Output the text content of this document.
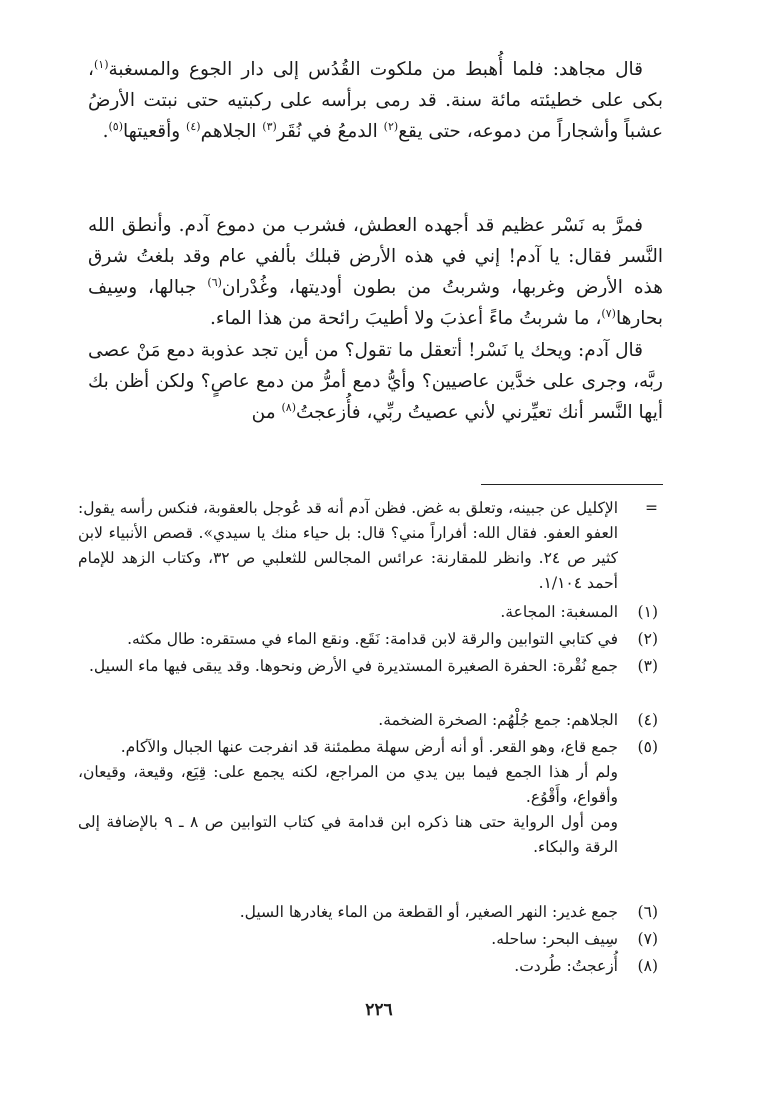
قال مجاهد: فلما أُهبط من ملكوت القُدُس إلى دار الجوع والمسغبة$^{(١)}$، بكى على خطيئته مائة سنة. قد رمى برأسه على ركبتيه حتى نبتت الأرضُ عشباً وأشجاراً من دموعه، حتى يقع$^{(٢)}$ الدمعُ في نُقَر$^{(٣)}$ الجلاهم$^{(٤)}$ وأقعيتها$^{(٥)}$.

فمرَّ به نَسْر عظيم قد أجهده العطش، فشرب من دموع آدم. وأنطق الله النَّسر فقال: يا آدم! إني في هذه الأرض قبلك بألفي عام وقد بلغتُ شرق هذه الأرض وغربها، وشربتُ من بطون أوديتها، وغُدْران$^{(٦)}$ جبالها، وسِيف بحارها$^{(٧)}$، ما شربتُ ماءً أعذبَ ولا أطيبَ رائحة من هذا الماء.

قال آدم: ويحك يا نَسْر! أتعقل ما تقول؟ من أين تجد عذوبة دمع مَنْ عصى ربَّه، وجرى على خدَّين عاصيين؟ وأيُّ دمع أمرُّ من دمع عاصٍ؟ ولكن أظن بك أيها النَّسر أنك تعيِّرني لأني عصيتُ ربِّي، فأُزعجتُ$^{(٨)}$ من

=
الإكليل عن جبينه، وتعلق به غض. فظن آدم أنه قد عُوجل بالعقوبة، فنكس رأسه يقول: العفو العفو. فقال الله: أفراراً مني؟ قال: بل حياء منك يا سيدي». قصص الأنبياء لابن كثير ص ٢٤. وانظر للمقارنة: عرائس المجالس للثعلبي ص ٣٢، وكتاب الزهد للإمام أحمد ١/١٠٤.
(١)
المسغبة: المجاعة.
(٢)
في كتابي التوابين والرقة لابن قدامة: نَقَع. ونقع الماء في مستقره: طال مكثه.
(٣)
جمع نُقْرة: الحفرة الصغيرة المستديرة في الأرض ونحوها. وقد يبقى فيها ماء السيل.
(٤)
الجلاهم: جمع جُلْهُم: الصخرة الضخمة.
(٥)
جمع قاع، وهو القعر. أو أنه أرض سهلة مطمئنة قد انفرجت عنها الجبال والآكام.
ولم أر هذا الجمع فيما بين يدي من المراجع، لكنه يجمع على: قِيَع، وقيعة، وقيعان، وأقواع، وأَقْوُع.
ومن أول الرواية حتى هنا ذكره ابن قدامة في كتاب التوابين ص ٨ ـ ٩ بالإضافة إلى الرقة والبكاء.
(٦)
جمع غدير: النهر الصغير، أو القطعة من الماء يغادرها السيل.
(٧)
سِيف البحر: ساحله.
(٨)
أُزعجتُ: طُردت.
٢٢٦
